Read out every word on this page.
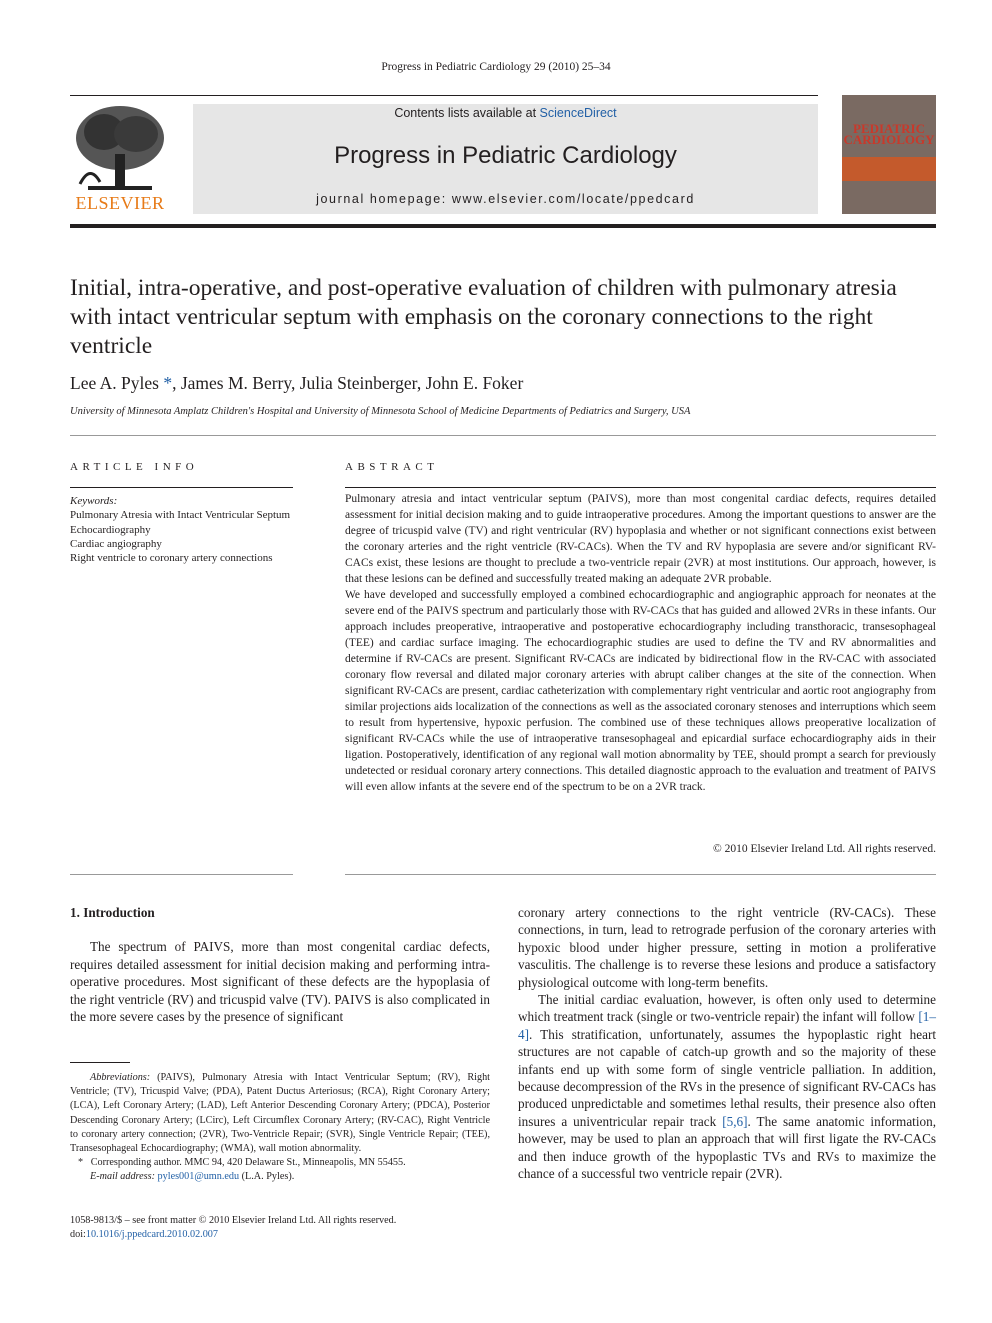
Progress in Pediatric Cardiology 29 (2010) 25–34
ELSEVIER
Contents lists available at ScienceDirect
Progress in Pediatric Cardiology
journal homepage: www.elsevier.com/locate/ppedcard
PEDIATRIC
CARDIOLOGY
Initial, intra-operative, and post-operative evaluation of children with pulmonary atresia with intact ventricular septum with emphasis on the coronary connections to the right ventricle
Lee A. Pyles *, James M. Berry, Julia Steinberger, John E. Foker
University of Minnesota Amplatz Children's Hospital and University of Minnesota School of Medicine Departments of Pediatrics and Surgery, USA
ARTICLE INFO	ABSTRACT
Keywords:
Pulmonary Atresia with Intact Ventricular Septum
Echocardiography
Cardiac angiography
Right ventricle to coronary artery connections

Pulmonary atresia and intact ventricular septum (PAIVS), more than most congenital cardiac defects, requires detailed assessment for initial decision making and to guide intraoperative procedures. Among the important questions to answer are the degree of tricuspid valve (TV) and right ventricular (RV) hypoplasia and whether or not significant connections exist between the coronary arteries and the right ventricle (RV-CACs). When the TV and RV hypoplasia are severe and/or significant RV-CACs exist, these lesions are thought to preclude a two-ventricle repair (2VR) at most institutions. Our approach, however, is that these lesions can be defined and successfully treated making an adequate 2VR probable.

We have developed and successfully employed a combined echocardiographic and angiographic approach for neonates at the severe end of the PAIVS spectrum and particularly those with RV-CACs that has guided and allowed 2VRs in these infants. Our approach includes preoperative, intraoperative and postoperative echocardiography including transthoracic, transesophageal (TEE) and cardiac surface imaging. The echocardiographic studies are used to define the TV and RV abnormalities and determine if RV-CACs are present. Significant RV-CACs are indicated by bidirectional flow in the RV-CAC with associated coronary flow reversal and dilated major coronary arteries with abrupt caliber changes at the site of the connection. When significant RV-CACs are present, cardiac catheterization with complementary right ventricular and aortic root angiography from similar projections aids localization of the connections as well as the associated coronary stenoses and interruptions which seem to result from hypertensive, hypoxic perfusion. The combined use of these techniques allows preoperative localization of significant RV-CACs while the use of intraoperative transesophageal and epicardial surface echocardiography aids in their ligation. Postoperatively, identification of any regional wall motion abnormality by TEE, should prompt a search for previously undetected or residual coronary artery connections. This detailed diagnostic approach to the evaluation and treatment of PAIVS will even allow infants at the severe end of the spectrum to be on a 2VR track.

© 2010 Elsevier Ireland Ltd. All rights reserved.
1. Introduction

The spectrum of PAIVS, more than most congenital cardiac defects, requires detailed assessment for initial decision making and performing intra-operative procedures. Most significant of these defects are the hypoplasia of the right ventricle (RV) and tricuspid valve (TV). PAIVS is also complicated in the more severe cases by the presence of significant

coronary artery connections to the right ventricle (RV-CACs). These connections, in turn, lead to retrograde perfusion of the coronary arteries with hypoxic blood under higher pressure, setting in motion a proliferative vasculitis. The challenge is to reverse these lesions and produce a satisfactory physiological outcome with long-term benefits.

The initial cardiac evaluation, however, is often only used to determine which treatment track (single or two-ventricle repair) the infant will follow [1–4]. This stratification, unfortunately, assumes the hypoplastic right heart structures are not capable of catch-up growth and so the majority of these infants end up with some form of single ventricle palliation. In addition, because decompression of the RVs in the presence of significant RV-CACs has produced unpredictable and sometimes lethal results, their presence also often insures a univentricular repair track [5,6]. The same anatomic information, however, may be used to plan an approach that will first ligate the RV-CACs and then induce growth of the hypoplastic TVs and RVs to maximize the chance of a successful two ventricle repair (2VR).

Abbreviations: (PAIVS), Pulmonary Atresia with Intact Ventricular Septum; (RV), Right Ventricle; (TV), Tricuspid Valve; (PDA), Patent Ductus Arteriosus; (RCA), Right Coronary Artery; (LCA), Left Coronary Artery; (LAD), Left Anterior Descending Coronary Artery; (PDCA), Posterior Descending Coronary Artery; (LCirc), Left Circumflex Coronary Artery; (RV-CAC), Right Ventricle to coronary artery connection; (2VR), Two-Ventricle Repair; (SVR), Single Ventricle Repair; (TEE), Transesophageal Echocardiography; (WMA), wall motion abnormality.

* Corresponding author. MMC 94, 420 Delaware St., Minneapolis, MN 55455.

E-mail address: pyles001@umn.edu (L.A. Pyles).

1058-9813/$ – see front matter © 2010 Elsevier Ireland Ltd. All rights reserved.
doi:10.1016/j.ppedcard.2010.02.007
